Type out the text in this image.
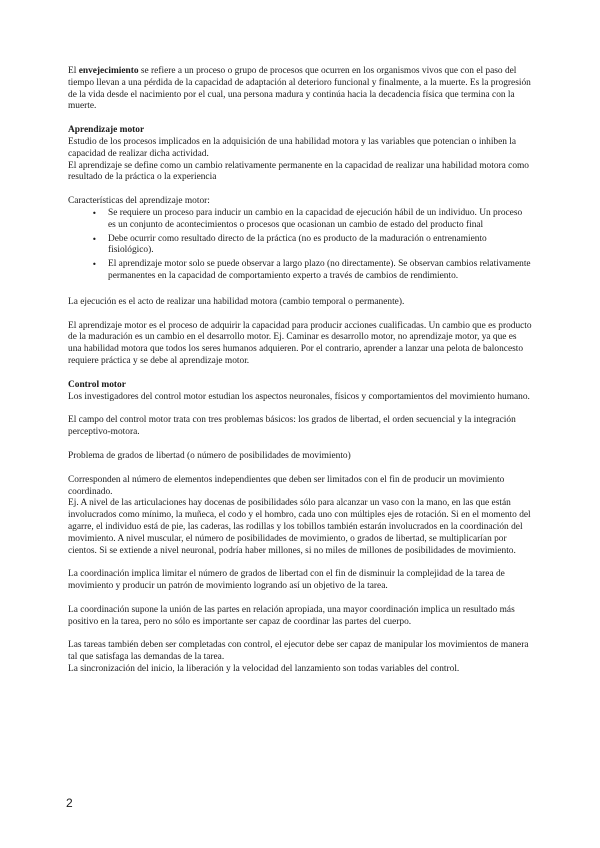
El envejecimiento se refiere a un proceso o grupo de procesos que ocurren en los organismos vivos que con el paso del tiempo llevan a una pérdida de la capacidad de adaptación al deterioro funcional y finalmente, a la muerte. Es la progresión de la vida desde el nacimiento por el cual, una persona madura y continúa hacia la decadencia física que termina con la muerte.

Aprendizaje motor

Estudio de los procesos implicados en la adquisición de una habilidad motora y las variables que potencian o inhiben la capacidad de realizar dicha actividad.

El aprendizaje se define como un cambio relativamente permanente en la capacidad de realizar una habilidad motora como resultado de la práctica o la experiencia

Características del aprendizaje motor:

• Se requiere un proceso para inducir un cambio en la capacidad de ejecución hábil de un individuo. Un proceso es un conjunto de acontecimientos o procesos que ocasionan un cambio de estado del producto final
• Debe ocurrir como resultado directo de la práctica (no es producto de la maduración o entrenamiento fisiológico).
• El aprendizaje motor solo se puede observar a largo plazo (no directamente). Se observan cambios relativamente permanentes en la capacidad de comportamiento experto a través de cambios de rendimiento.

La ejecución es el acto de realizar una habilidad motora (cambio temporal o permanente).

El aprendizaje motor es el proceso de adquirir la capacidad para producir acciones cualificadas. Un cambio que es producto de la maduración es un cambio en el desarrollo motor. Ej. Caminar es desarrollo motor, no aprendizaje motor, ya que es una habilidad motora que todos los seres humanos adquieren. Por el contrario, aprender a lanzar una pelota de baloncesto requiere práctica y se debe al aprendizaje motor.

Control motor

Los investigadores del control motor estudian los aspectos neuronales, físicos y comportamientos del movimiento humano.

El campo del control motor trata con tres problemas básicos: los grados de libertad, el orden secuencial y la integración perceptivo-motora.

Problema de grados de libertad (o número de posibilidades de movimiento)

Corresponden al número de elementos independientes que deben ser limitados con el fin de producir un movimiento coordinado.

Ej. A nivel de las articulaciones hay docenas de posibilidades sólo para alcanzar un vaso con la mano, en las que están involucrados como mínimo, la muñeca, el codo y el hombro, cada uno con múltiples ejes de rotación. Si en el momento del agarre, el individuo está de pie, las caderas, las rodillas y los tobillos también estarán involucrados en la coordinación del movimiento. A nivel muscular, el número de posibilidades de movimiento, o grados de libertad, se multiplicarían por cientos. Si se extiende a nivel neuronal, podría haber millones, si no miles de millones de posibilidades de movimiento.

La coordinación implica limitar el número de grados de libertad con el fin de disminuir la complejidad de la tarea de movimiento y producir un patrón de movimiento logrando así un objetivo de la tarea.

La coordinación supone la unión de las partes en relación apropiada, una mayor coordinación implica un resultado más positivo en la tarea, pero no sólo es importante ser capaz de coordinar las partes del cuerpo.

Las tareas también deben ser completadas con control, el ejecutor debe ser capaz de manipular los movimientos de manera tal que satisfaga las demandas de la tarea.

La sincronización del inicio, la liberación y la velocidad del lanzamiento son todas variables del control.

2
